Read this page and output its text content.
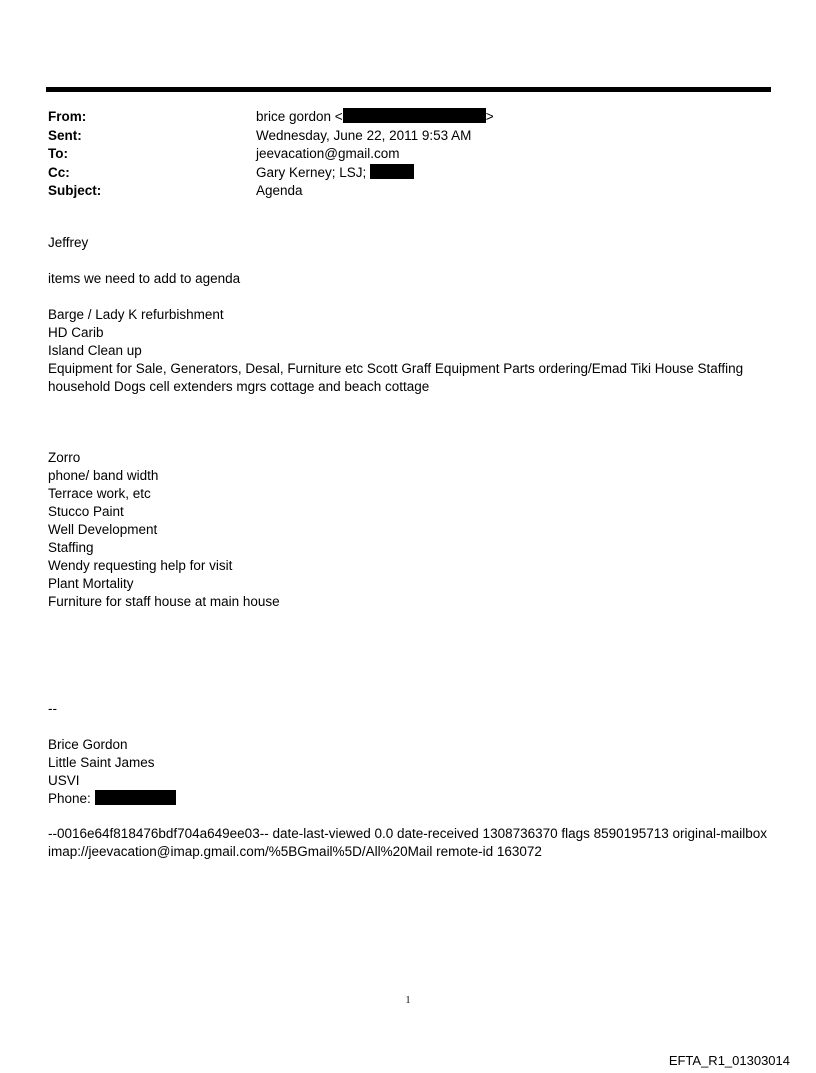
From:	brice gordon <	>
Sent:	Wednesday, June 22, 2011 9:53 AM
To:	jeevacation@gmail.com
Cc:	Gary Kerney; LSJ;
Subject:	Agenda
Jeffrey
items we need to add to agenda
Barge / Lady K refurbishment
HD Carib
Island Clean up
Equipment for Sale, Generators, Desal, Furniture etc Scott Graff Equipment Parts ordering/Emad Tiki House Staffing household Dogs cell extenders mgrs cottage and beach cottage
Zorro
phone/ band width
Terrace work, etc
Stucco Paint
Well Development
Staffing
Wendy requesting help for visit
Plant Mortality
Furniture for staff house at main house
--
Brice Gordon
Little Saint James
USVI
Phone:
--0016e64f818476bdf704a649ee03-- date-last-viewed 0.0 date-received 1308736370 flags 8590195713 original-mailbox imap://jeevacation@imap.gmail.com/%5BGmail%5D/All%20Mail remote-id 163072
1
EFTA_R1_01303014
